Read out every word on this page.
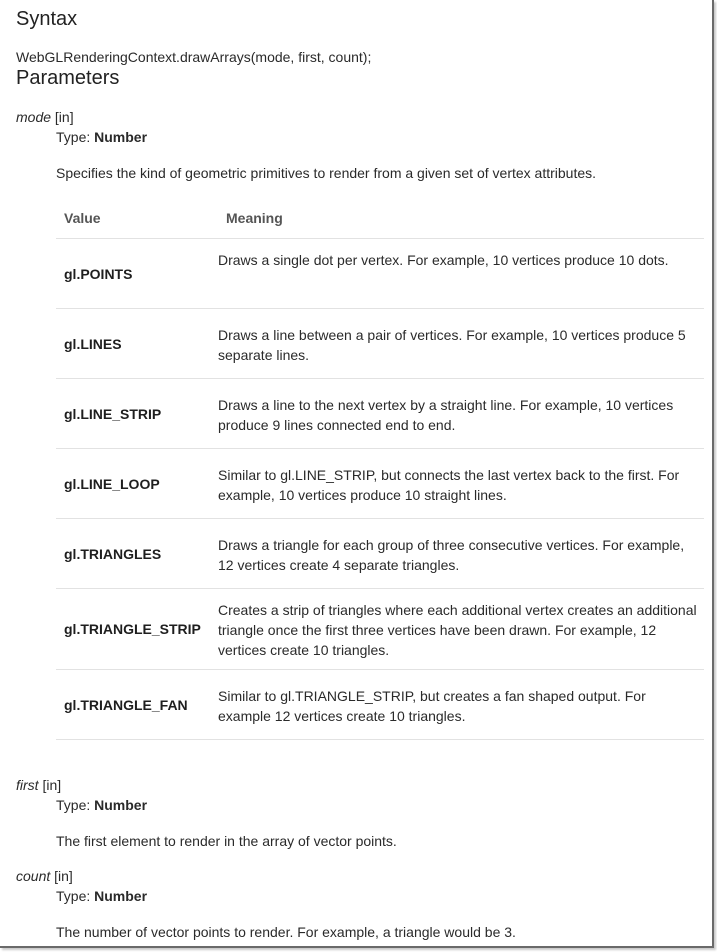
Syntax
WebGLRenderingContext.drawArrays(mode, first, count);
Parameters
mode [in]
Type: Number
Specifies the kind of geometric primitives to render from a given set of vertex attributes.
Value	Meaning
gl.POINTS	Draws a single dot per vertex. For example, 10 vertices produce 10 dots.

gl.LINES	Draws a line between a pair of vertices. For example, 10 vertices produce 5 separate lines.

gl.LINE_STRIP	Draws a line to the next vertex by a straight line. For example, 10 vertices produce 9 lines connected end to end.

gl.LINE_LOOP	Similar to gl.LINE_STRIP, but connects the last vertex back to the first. For example, 10 vertices produce 10 straight lines.

gl.TRIANGLES	Draws a triangle for each group of three consecutive vertices. For example, 12 vertices create 4 separate triangles.

gl.TRIANGLE_STRIP	Creates a strip of triangles where each additional vertex creates an additional triangle once the first three vertices have been drawn. For example, 12 vertices create 10 triangles.

gl.TRIANGLE_FAN	Similar to gl.TRIANGLE_STRIP, but creates a fan shaped output. For example 12 vertices create 10 triangles.
first [in]
Type: Number
The first element to render in the array of vector points.
count [in]
Type: Number
The number of vector points to render. For example, a triangle would be 3.
